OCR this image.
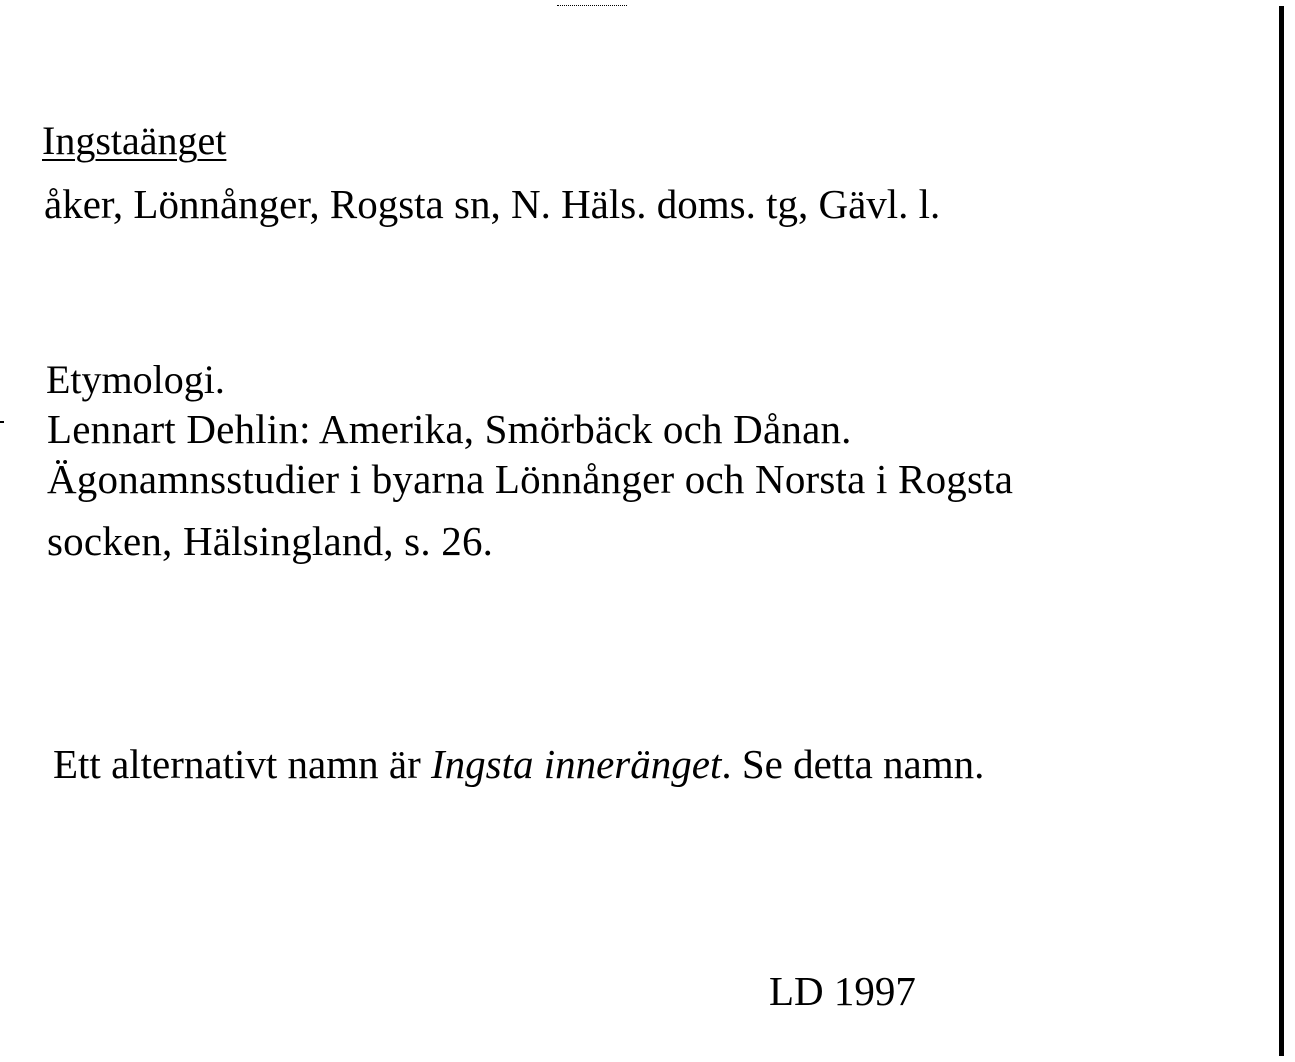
Ingstaänget
åker, Lönnånger, Rogsta sn, N. Häls. doms. tg, Gävl. l.
Etymologi.
Lennart Dehlin: Amerika, Smörbäck och Dånan.
Ägonamnsstudier i byarna Lönnånger och Norsta i Rogsta
socken, Hälsingland, s. 26.
Ett alternativt namn är Ingsta inneränget. Se detta namn.
LD 1997
